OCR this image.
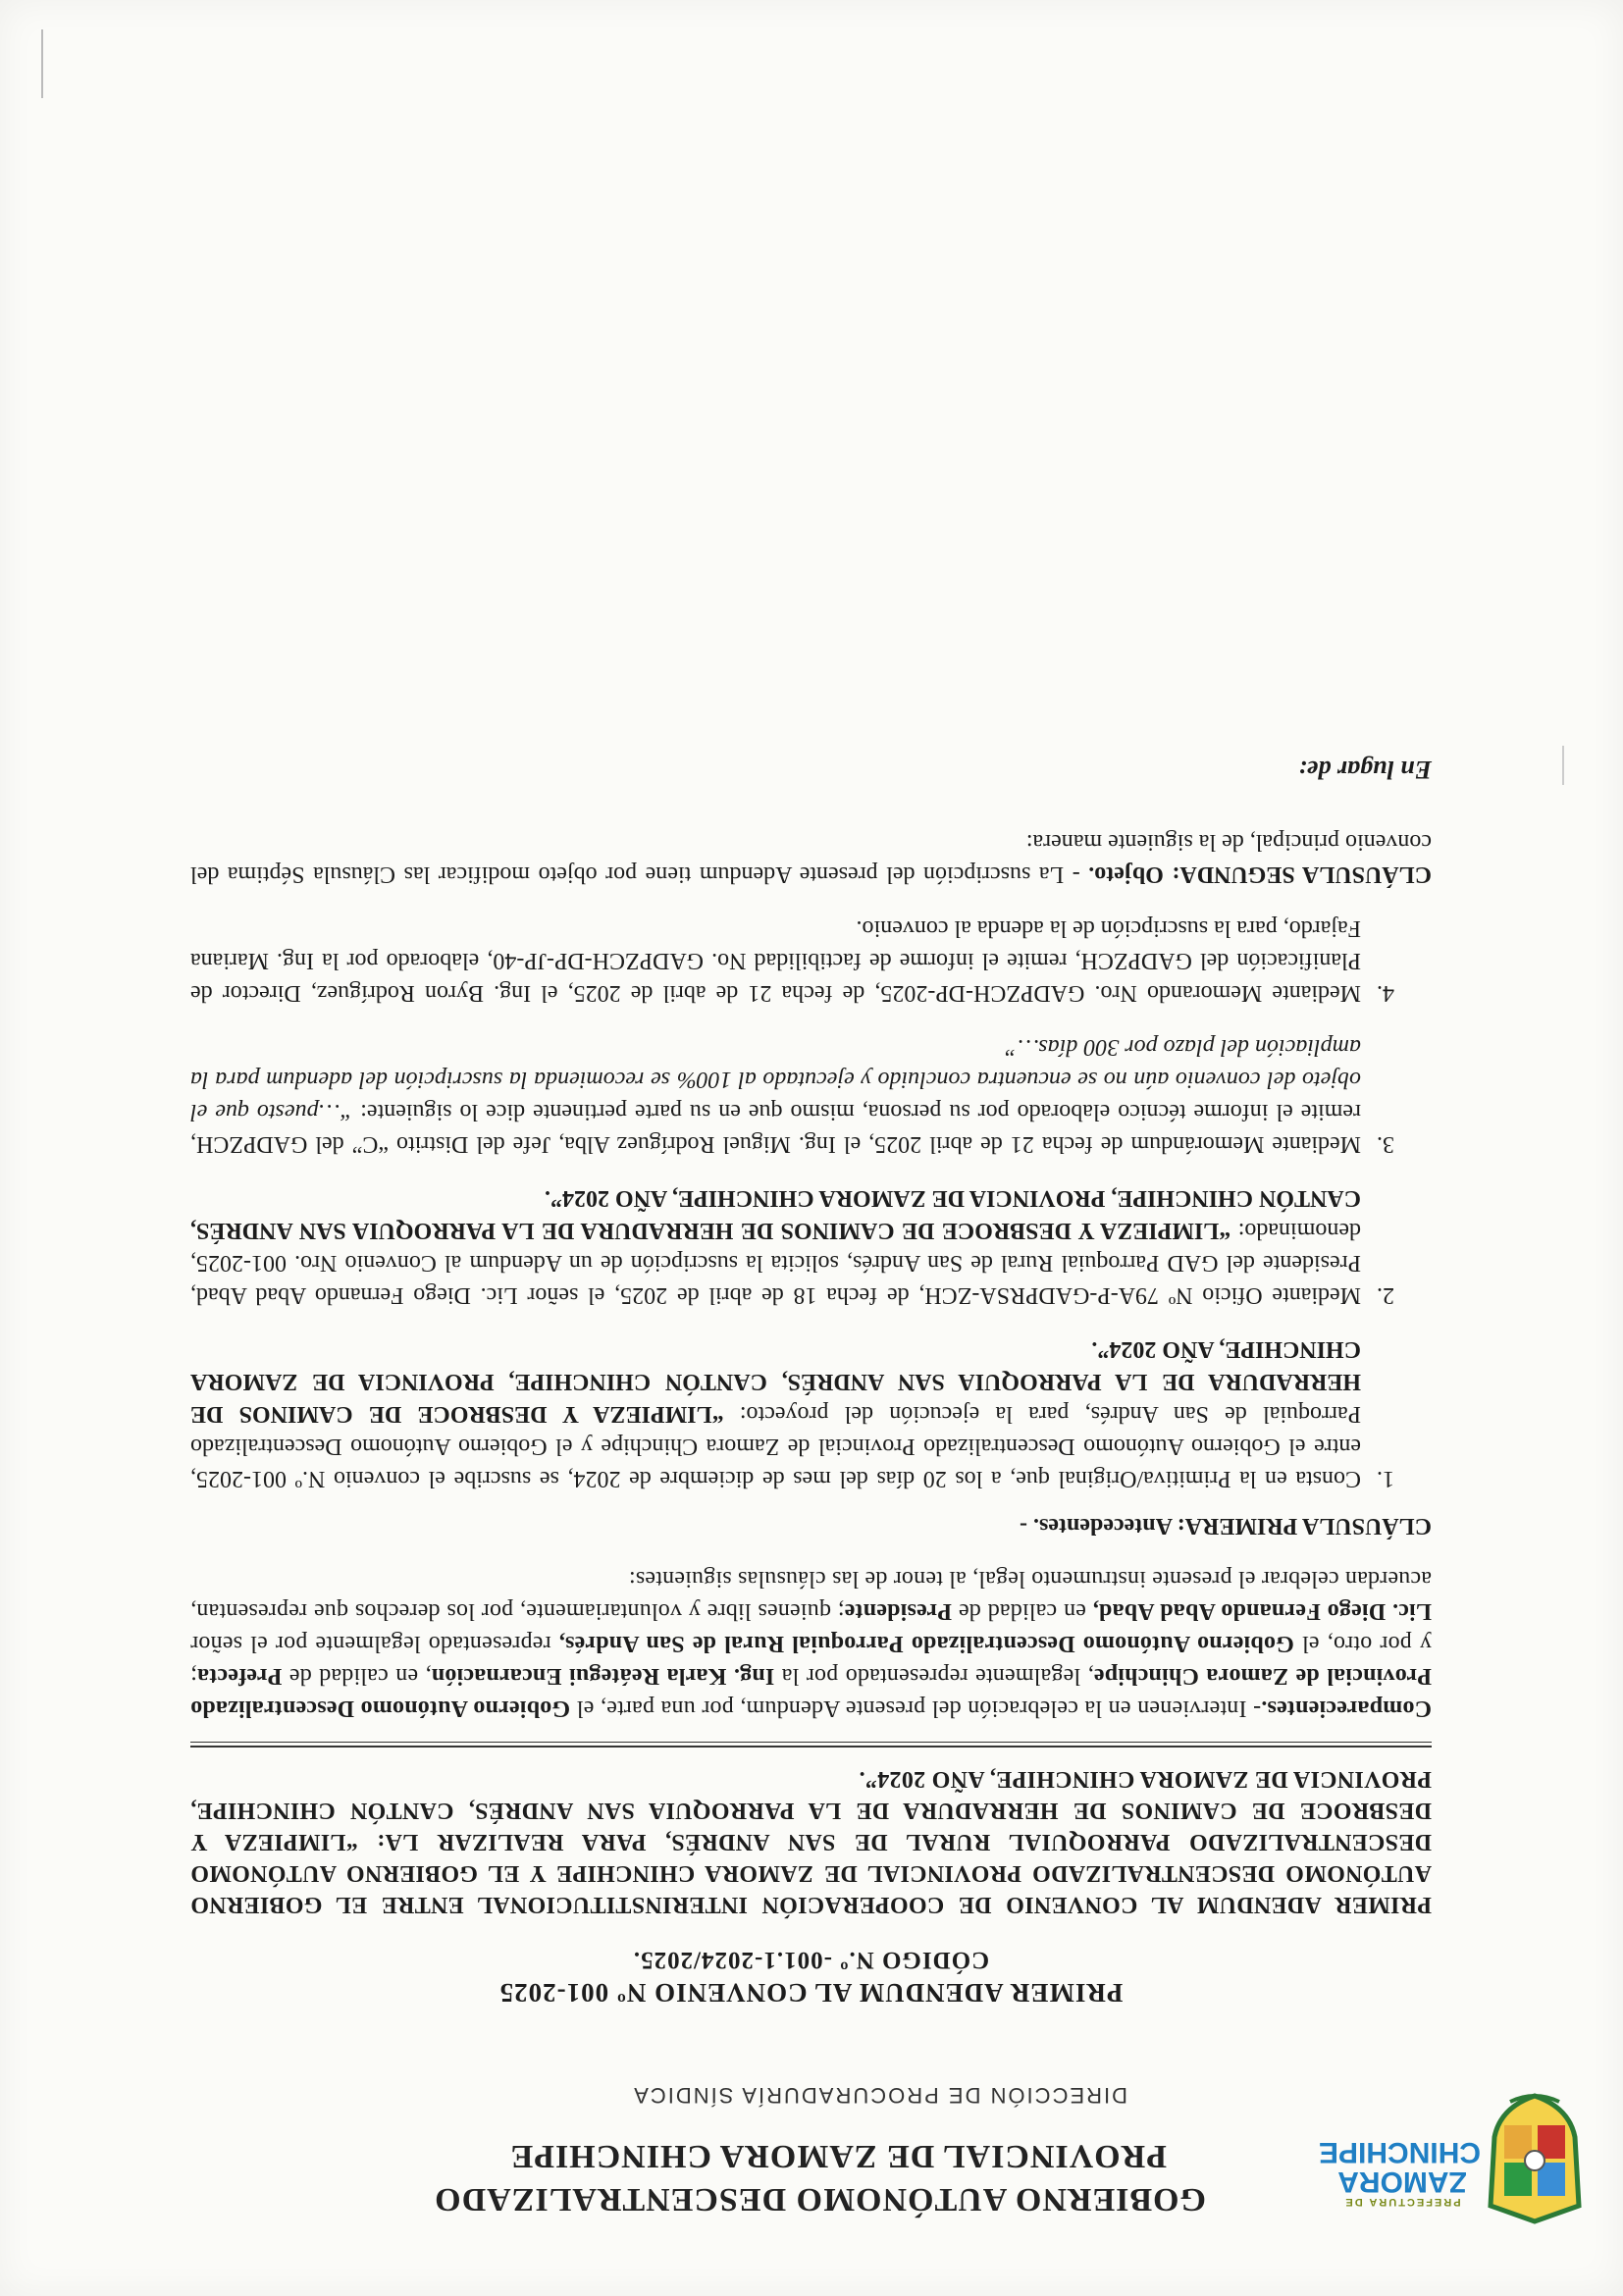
PREFECTURA DE
ZAMORA
CHINCHIPE
GOBIERNO AUTÓNOMO DESCENTRALIZADO
PROVINCIAL DE ZAMORA CHINCHIPE
DIRECCIÓN DE PROCURADURÍA SÍNDICA
PRIMER ADENDUM AL CONVENIO Nº 001-2025
CÓDIGO N.º -001.1-2024/2025.
PRIMER ADENDUM AL CONVENIO DE COOPERACIÓN INTERINSTITUCIONAL ENTRE EL GOBIERNO AUTÓNOMO DESCENTRALIZADO PROVINCIAL DE ZAMORA CHINCHIPE Y EL GOBIERNO AUTÓNOMO DESCENTRALIZADO PARROQUIAL RURAL DE SAN ANDRÉS, PARA REALIZAR LA: “LIMPIEZA Y DESBROCE DE CAMINOS DE HERRADURA DE LA PARROQUIA SAN ANDRÉS, CANTÓN CHINCHIPE, PROVINCIA DE ZAMORA CHINCHIPE, AÑO 2024”.

Comparecientes.- Intervienen en la celebración del presente Adendum, por una parte, el Gobierno Autónomo Descentralizado Provincial de Zamora Chinchipe, legalmente representado por la Ing. Karla Reátegui Encarnación, en calidad de Prefecta; y por otro, el Gobierno Autónomo Descentralizado Parroquial Rural de San Andrés, representado legalmente por el señor Lic. Diego Fernando Abad Abad, en calidad de Presidente; quienes libre y voluntariamente, por los derechos que representan, acuerdan celebrar el presente instrumento legal, al tenor de las cláusulas siguientes:

CLÁUSULA PRIMERA: Antecedentes. -
1. Consta en la Primitiva/Original que, a los 20 días del mes de diciembre de 2024, se suscribe el convenio N.º 001-2025, entre el Gobierno Autónomo Descentralizado Provincial de Zamora Chinchipe y el Gobierno Autónomo Descentralizado Parroquial de San Andrés, para la ejecución del proyecto: “LIMPIEZA Y DESBROCE DE CAMINOS DE HERRADURA DE LA PARROQUIA SAN ANDRÉS, CANTÓN CHINCHIPE, PROVINCIA DE ZAMORA CHINCHIPE, AÑO 2024”.
2. Mediante Oficio Nº 79A-P-GADPRSA-ZCH, de fecha 18 de abril de 2025, el señor Lic. Diego Fernando Abad Abad, Presidente del GAD Parroquial Rural de San Andrés, solicita la suscripción de un Adendum al Convenio Nro. 001-2025, denominado: “LIMPIEZA Y DESBROCE DE CAMINOS DE HERRADURA DE LA PARROQUIA SAN ANDRÉS, CANTÓN CHINCHIPE, PROVINCIA DE ZAMORA CHINCHIPE, AÑO 2024”.
3. Mediante Memorándum de fecha 21 de abril 2025, el Ing. Miguel Rodríguez Alba, Jefe del Distrito “C” del GADPZCH, remite el informe técnico elaborado por su persona, mismo que en su parte pertinente dice lo siguiente: “…puesto que el objeto del convenio aún no se encuentra concluido y ejecutado al 100% se recomienda la suscripción del adendum para la ampliación del plazo por 300 días…”
4. Mediante Memorando Nro. GADPZCH-DP-2025, de fecha 21 de abril de 2025, el Ing. Byron Rodríguez, Director de Planificación del GADPZCH, remite el informe de factibilidad No. GADPZCH-DP-JP-40, elaborado por la Ing. Mariana Fajardo, para la suscripción de la adenda al convenio.

CLÁUSULA SEGUNDA: Objeto. - La suscripción del presente Adendum tiene por objeto modificar las Cláusula Séptima del convenio principal, de la siguiente manera:

En lugar de:
